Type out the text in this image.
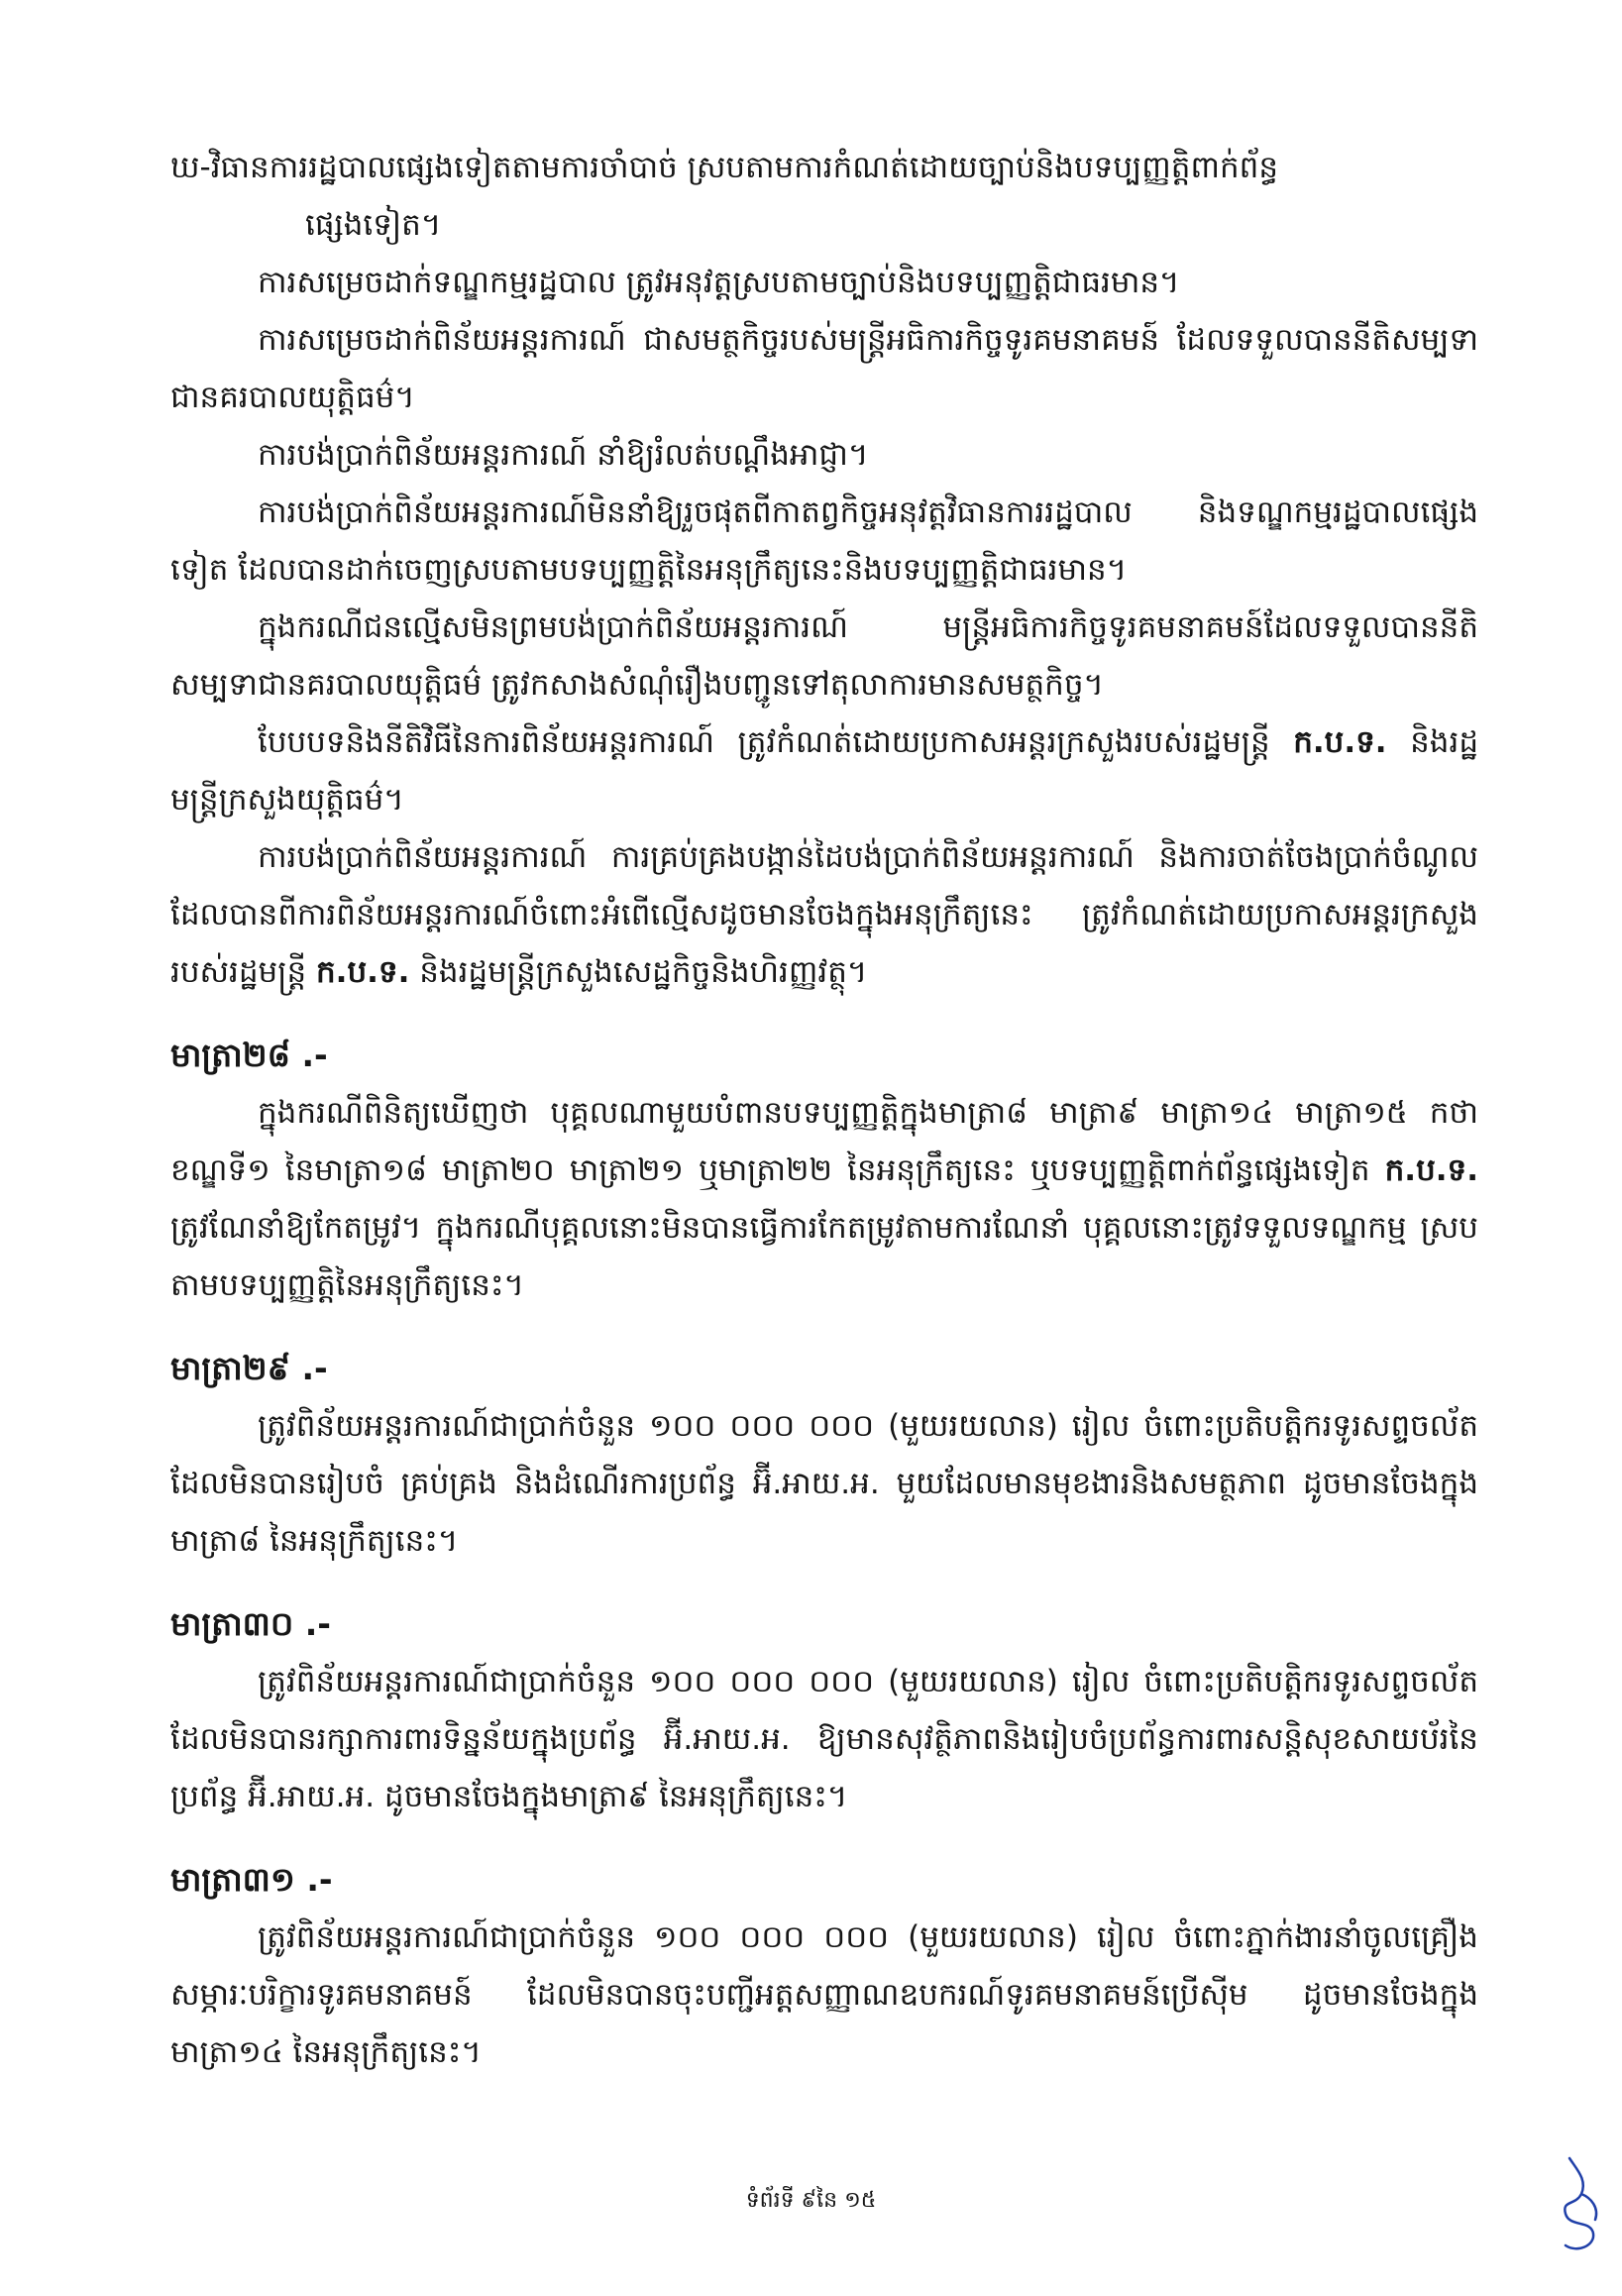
ឃ-វិធានការរដ្ឋបាលផ្សេងទៀតតាមការចាំបាច់ ស្របតាមការកំណត់ដោយច្បាប់និងបទប្បញ្ញត្តិពាក់ព័ន្ធ
ផ្សេងទៀត។

ការសម្រេចដាក់ទណ្ឌកម្មរដ្ឋបាល ត្រូវអនុវត្តស្របតាមច្បាប់និងបទប្បញ្ញត្តិជាធរមាន។

ការសម្រេចដាក់ពិន័យអន្តរការណ៍ ជាសមត្ថកិច្ចរបស់មន្ត្រីអធិការកិច្ចទូរគមនាគមន៍ ដែលទទួលបាននីតិសម្បទាជានគរបាលយុត្តិធម៌។

ការបង់ប្រាក់ពិន័យអន្តរការណ៍ នាំឱ្យរំលត់បណ្តឹងអាជ្ញា។

ការបង់ប្រាក់ពិន័យអន្តរការណ៍មិននាំឱ្យរួចផុតពីកាតព្វកិច្ចអនុវត្តវិធានការរដ្ឋបាល និងទណ្ឌកម្មរដ្ឋបាលផ្សេងទៀត ដែលបានដាក់ចេញស្របតាមបទប្បញ្ញត្តិនៃអនុក្រឹត្យនេះនិងបទប្បញ្ញត្តិជាធរមាន។

ក្នុងករណីជនល្មើសមិនព្រមបង់ប្រាក់ពិន័យអន្តរការណ៍ មន្ត្រីអធិការកិច្ចទូរគមនាគមន៍ដែលទទួលបាននីតិសម្បទាជានគរបាលយុត្តិធម៌ ត្រូវកសាងសំណុំរឿងបញ្ជូនទៅតុលាការមានសមត្ថកិច្ច។

បែបបទនិងនីតិវិធីនៃការពិន័យអន្តរការណ៍ ត្រូវកំណត់ដោយប្រកាសអន្តរក្រសួងរបស់រដ្ឋមន្ត្រី ក.ប.ទ. និងរដ្ឋមន្ត្រីក្រសួងយុត្តិធម៌។

ការបង់ប្រាក់ពិន័យអន្តរការណ៍ ការគ្រប់គ្រងបង្កាន់ដៃបង់ប្រាក់ពិន័យអន្តរការណ៍ និងការចាត់ចែងប្រាក់ចំណូលដែលបានពីការពិន័យអន្តរការណ៍ចំពោះអំពើល្មើសដូចមានចែងក្នុងអនុក្រឹត្យនេះ ត្រូវកំណត់ដោយប្រកាសអន្តរក្រសួងរបស់រដ្ឋមន្ត្រី ក.ប.ទ. និងរដ្ឋមន្ត្រីក្រសួងសេដ្ឋកិច្ចនិងហិរញ្ញវត្ថុ។

មាត្រា២៨ .-

ក្នុងករណីពិនិត្យឃើញថា បុគ្គលណាមួយបំពានបទប្បញ្ញត្តិក្នុងមាត្រា៨ មាត្រា៩ មាត្រា១៤ មាត្រា១៥ កថាខណ្ឌទី១ នៃមាត្រា១៨ មាត្រា២០ មាត្រា២១ ឬមាត្រា២២ នៃអនុក្រឹត្យនេះ ឬបទប្បញ្ញត្តិពាក់ព័ន្ធផ្សេងទៀត ក.ប.ទ. ត្រូវណែនាំឱ្យកែតម្រូវ។ ក្នុងករណីបុគ្គលនោះមិនបានធ្វើការកែតម្រូវតាមការណែនាំ បុគ្គលនោះត្រូវទទួលទណ្ឌកម្ម ស្របតាមបទប្បញ្ញត្តិនៃអនុក្រឹត្យនេះ។

មាត្រា២៩ .-

ត្រូវពិន័យអន្តរការណ៍ជាប្រាក់ចំនួន ១០០ ០០០ ០០០ (មួយរយលាន) រៀល ចំពោះប្រតិបត្តិករទូរសព្ទចល័តដែលមិនបានរៀបចំ គ្រប់គ្រង និងដំណើរការប្រព័ន្ធ អ៊ី.អាយ.អ. មួយដែលមានមុខងារនិងសមត្ថភាព ដូចមានចែងក្នុងមាត្រា៨ នៃអនុក្រឹត្យនេះ។

មាត្រា៣០ .-

ត្រូវពិន័យអន្តរការណ៍ជាប្រាក់ចំនួន ១០០ ០០០ ០០០ (មួយរយលាន) រៀល ចំពោះប្រតិបត្តិករទូរសព្ទចល័តដែលមិនបានរក្សាការពារទិន្នន័យក្នុងប្រព័ន្ធ អ៊ី.អាយ.អ. ឱ្យមានសុវត្ថិភាពនិងរៀបចំប្រព័ន្ធការពារសន្តិសុខសាយប័រនៃប្រព័ន្ធ អ៊ី.អាយ.អ. ដូចមានចែងក្នុងមាត្រា៩ នៃអនុក្រឹត្យនេះ។

មាត្រា៣១ .-

ត្រូវពិន័យអន្តរការណ៍ជាប្រាក់ចំនួន ១០០ ០០០ ០០០ (មួយរយលាន) រៀល ចំពោះភ្នាក់ងារនាំចូលគ្រឿងសម្ភារៈបរិក្ខារទូរគមនាគមន៍ ដែលមិនបានចុះបញ្ជីអត្តសញ្ញាណឧបករណ៍ទូរគមនាគមន៍ប្រើស៊ីម ដូចមានចែងក្នុងមាត្រា១៤ នៃអនុក្រឹត្យនេះ។

ទំព័រទី ៩នៃ ១៥
